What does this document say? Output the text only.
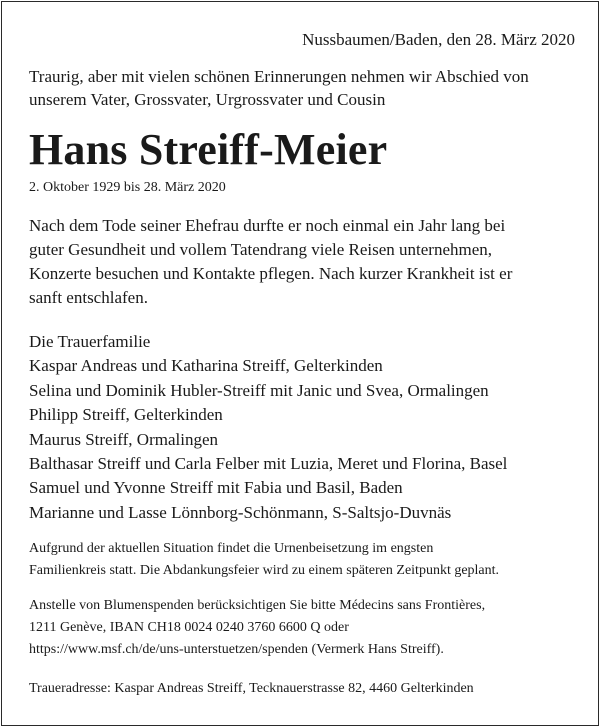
Nussbaumen/Baden, den 28. März 2020

Traurig, aber mit vielen schönen Erinnerungen nehmen wir Abschied von
unserem Vater, Grossvater, Urgrossvater und Cousin

Hans Streiff-Meier

2. Oktober 1929 bis 28. März 2020

Nach dem Tode seiner Ehefrau durfte er noch einmal ein Jahr lang bei
guter Gesundheit und vollem Tatendrang viele Reisen unternehmen,
Konzerte besuchen und Kontakte pflegen. Nach kurzer Krankheit ist er
sanft entschlafen.

Die Trauerfamilie
Kaspar Andreas und Katharina Streiff, Gelterkinden
Selina und Dominik Hubler-Streiff mit Janic und Svea, Ormalingen
Philipp Streiff, Gelterkinden
Maurus Streiff, Ormalingen
Balthasar Streiff und Carla Felber mit Luzia, Meret und Florina, Basel
Samuel und Yvonne Streiff mit Fabia und Basil, Baden
Marianne und Lasse Lönnborg-Schönmann, S-Saltsjo-Duvnäs

Aufgrund der aktuellen Situation findet die Urnenbeisetzung im engsten
Familienkreis statt. Die Abdankungsfeier wird zu einem späteren Zeitpunkt geplant.

Anstelle von Blumenspenden berücksichtigen Sie bitte Médecins sans Frontières,
1211 Genève, IBAN CH18 0024 0240 3760 6600 Q oder
https://www.msf.ch/de/uns-unterstuetzen/spenden (Vermerk Hans Streiff).

Traueradresse: Kaspar Andreas Streiff, Tecknauerstrasse 82, 4460 Gelterkinden
